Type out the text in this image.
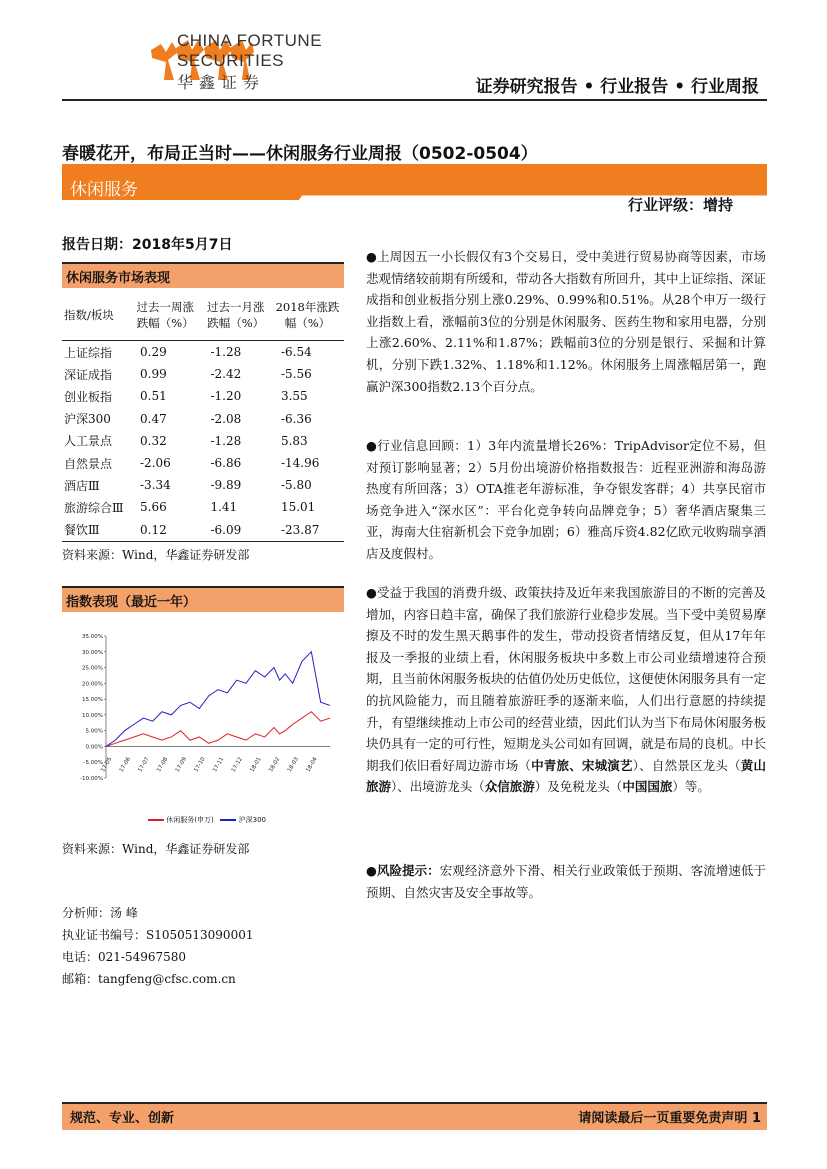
CHINA FORTUNE
SECURITIES
华鑫证券	证券研究报告 • 行业报告 • 行业周报
春暖花开，布局正当时——休闲服务行业周报（0502-0504）
休闲服务
行业评级：增持
报告日期：2018年5月7日
休闲服务市场表现
指数/板块	过去一周涨跌幅（%）	过去一月涨跌幅（%）	2018年涨跌幅（%）
上证综指	0.29	-1.28	-6.54
深证成指	0.99	-2.42	-5.56
创业板指	0.51	-1.20	3.55
沪深300	0.47	-2.08	-6.36
人工景点	0.32	-1.28	5.83
自然景点	-2.06	-6.86	-14.96
酒店Ⅲ	-3.34	-9.89	-5.80
旅游综合Ⅲ	5.66	1.41	15.01
餐饮Ⅲ	0.12	-6.09	-23.87
资料来源：Wind，华鑫证券研发部
指数表现（最近一年）
35.00%
30.00%
25.00%
20.00%
15.00%
10.00%
5.00%
0.00%
-5.00%
-10.00%
17-05 17-06 17-07 17-08 17-09 17-10 17-11 17-12 18-01 18-02 18-03 18-04
休闲服务(申万)	沪深300
资料来源：Wind，华鑫证券研发部
分析师：汤 峰
执业证书编号：S1050513090001
电话：021-54967580
邮箱：tangfeng@cfsc.com.cn
●上周因五一小长假仅有3个交易日，受中美进行贸易协商等因素，市场悲观情绪较前期有所缓和，带动各大指数有所回升，其中上证综指、深证成指和创业板指分别上涨0.29%、0.99%和0.51%。从28个申万一级行业指数上看，涨幅前3位的分别是休闲服务、医药生物和家用电器，分别上涨2.60%、2.11%和1.87%；跌幅前3位的分别是银行、采掘和计算机，分别下跌1.32%、1.18%和1.12%。休闲服务上周涨幅居第一，跑赢沪深300指数2.13个百分点。
●行业信息回顾：1）3年内流量增长26%：TripAdvisor定位不易，但对预订影响显著；2）5月份出境游价格指数报告：近程亚洲游和海岛游热度有所回落；3）OTA推老年游标准，争夺银发客群；4）共享民宿市场竞争进入“深水区”：平台化竞争转向品牌竞争；5）奢华酒店聚集三亚，海南大住宿新机会下竞争加剧；6）雅高斥资4.82亿欧元收购瑞享酒店及度假村。
●受益于我国的消费升级、政策扶持及近年来我国旅游目的不断的完善及增加，内容日趋丰富，确保了我们旅游行业稳步发展。当下受中美贸易摩擦及不时的发生黑天鹅事件的发生，带动投资者情绪反复，但从17年年报及一季报的业绩上看，休闲服务板块中多数上市公司业绩增速符合预期，且当前休闲服务板块的估值仍处历史低位，这便使休闲服务具有一定的抗风险能力，而且随着旅游旺季的逐渐来临，人们出行意愿的持续提升，有望继续推动上市公司的经营业绩，因此们认为当下布局休闲服务板块仍具有一定的可行性，短期龙头公司如有回调，就是布局的良机。中长期我们依旧看好周边游市场（中青旅、宋城演艺）、自然景区龙头（黄山旅游）、出境游龙头（众信旅游）及免税龙头（中国国旅）等。
●风险提示：宏观经济意外下滑、相关行业政策低于预期、客流增速低于预期、自然灾害及安全事故等。
规范、专业、创新	请阅读最后一页重要免责声明 1
